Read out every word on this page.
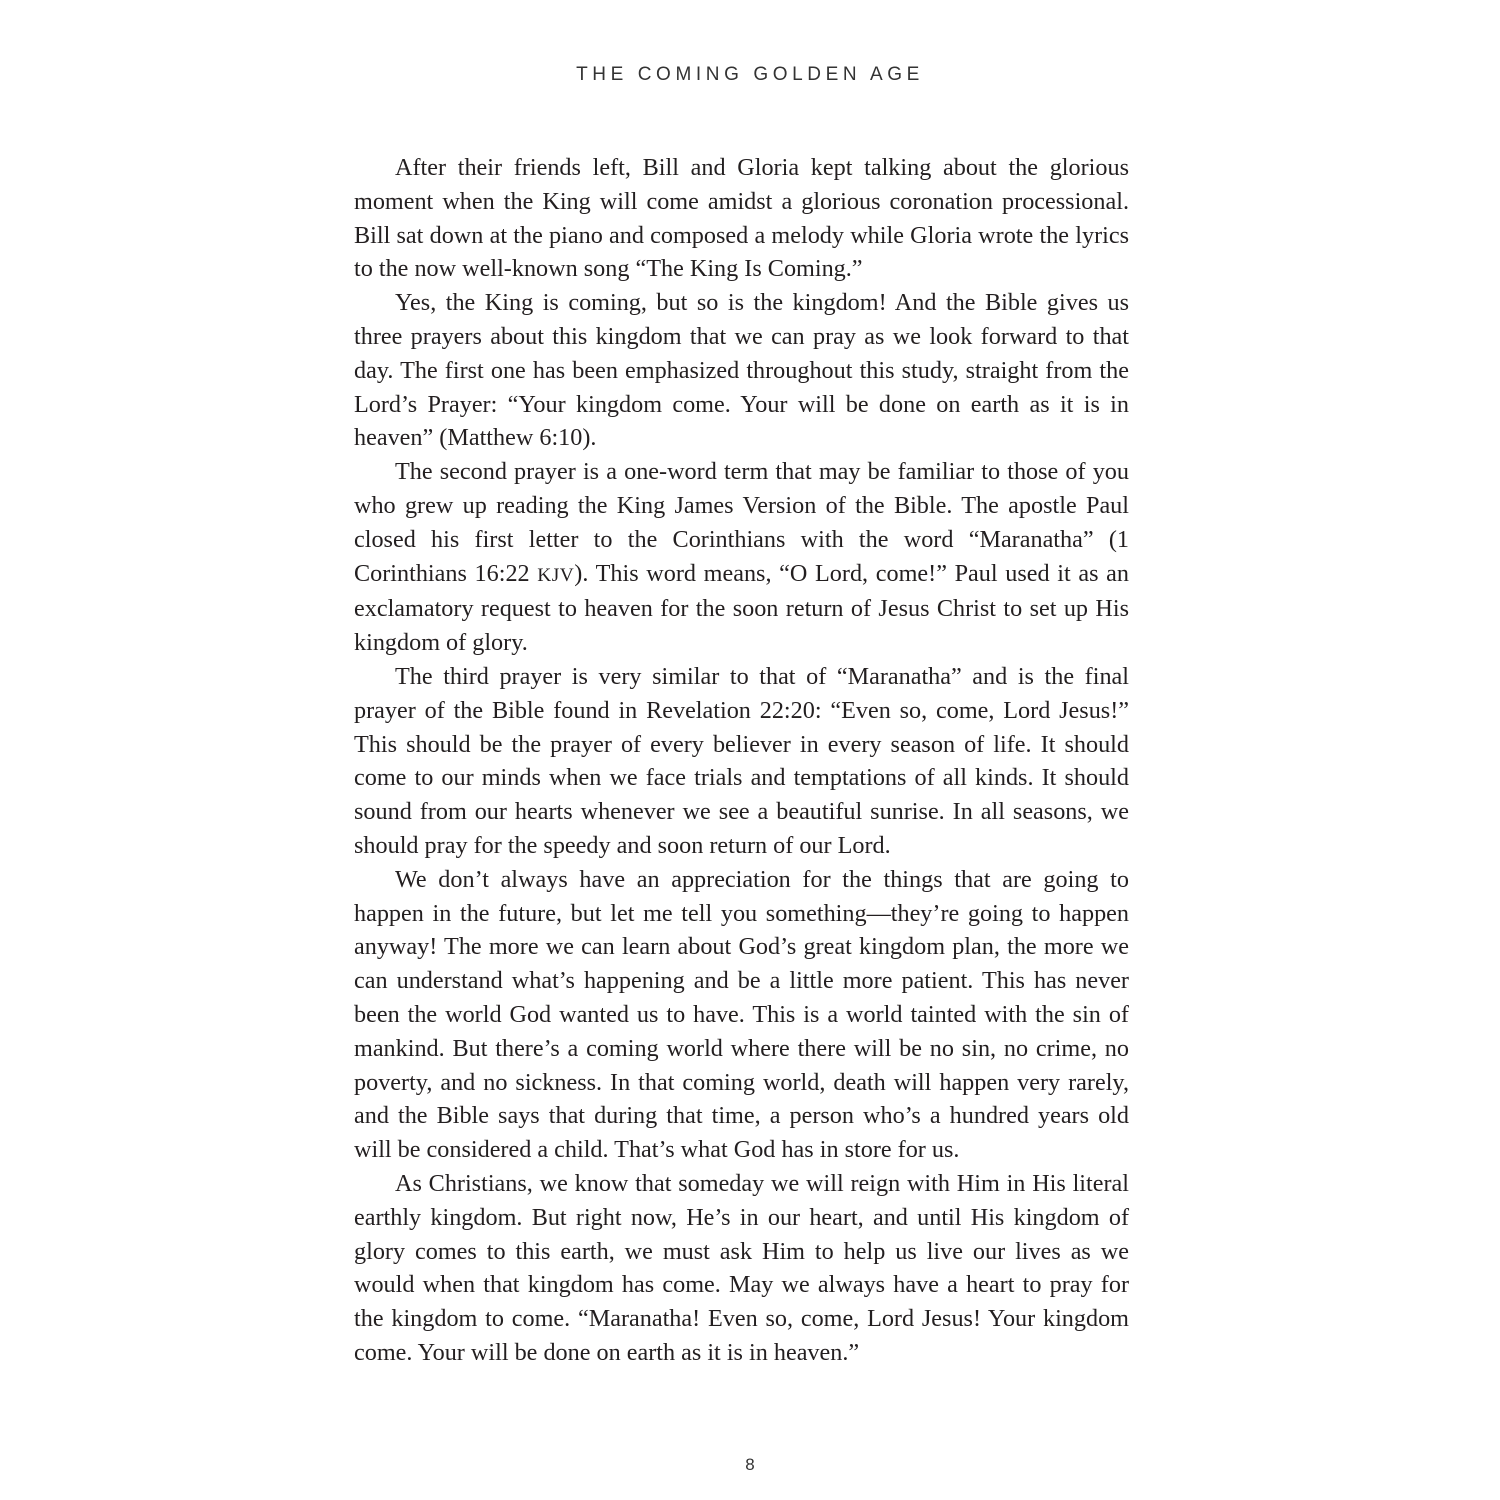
THE COMING GOLDEN AGE

After their friends left, Bill and Gloria kept talking about the glorious moment when the King will come amidst a glorious coronation processional. Bill sat down at the piano and composed a melody while Gloria wrote the lyrics to the now well-known song “The King Is Coming.”

Yes, the King is coming, but so is the kingdom! And the Bible gives us three prayers about this kingdom that we can pray as we look forward to that day. The first one has been emphasized throughout this study, straight from the Lord’s Prayer: “Your kingdom come. Your will be done on earth as it is in heaven” (Matthew 6:10).

The second prayer is a one-word term that may be familiar to those of you who grew up reading the King James Version of the Bible. The apostle Paul closed his first letter to the Corinthians with the word “Maranatha” (1 Corinthians 16:22 KJV). This word means, “O Lord, come!” Paul used it as an exclamatory request to heaven for the soon return of Jesus Christ to set up His kingdom of glory.

The third prayer is very similar to that of “Maranatha” and is the final prayer of the Bible found in Revelation 22:20: “Even so, come, Lord Jesus!” This should be the prayer of every believer in every season of life. It should come to our minds when we face trials and temptations of all kinds. It should sound from our hearts whenever we see a beautiful sunrise. In all seasons, we should pray for the speedy and soon return of our Lord.

We don’t always have an appreciation for the things that are going to happen in the future, but let me tell you something—they’re going to happen anyway! The more we can learn about God’s great kingdom plan, the more we can understand what’s happening and be a little more patient. This has never been the world God wanted us to have. This is a world tainted with the sin of mankind. But there’s a coming world where there will be no sin, no crime, no poverty, and no sickness. In that coming world, death will happen very rarely, and the Bible says that during that time, a person who’s a hundred years old will be considered a child. That’s what God has in store for us.

As Christians, we know that someday we will reign with Him in His literal earthly kingdom. But right now, He’s in our heart, and until His kingdom of glory comes to this earth, we must ask Him to help us live our lives as we would when that kingdom has come. May we always have a heart to pray for the kingdom to come. “Maranatha! Even so, come, Lord Jesus! Your kingdom come. Your will be done on earth as it is in heaven.”

8
